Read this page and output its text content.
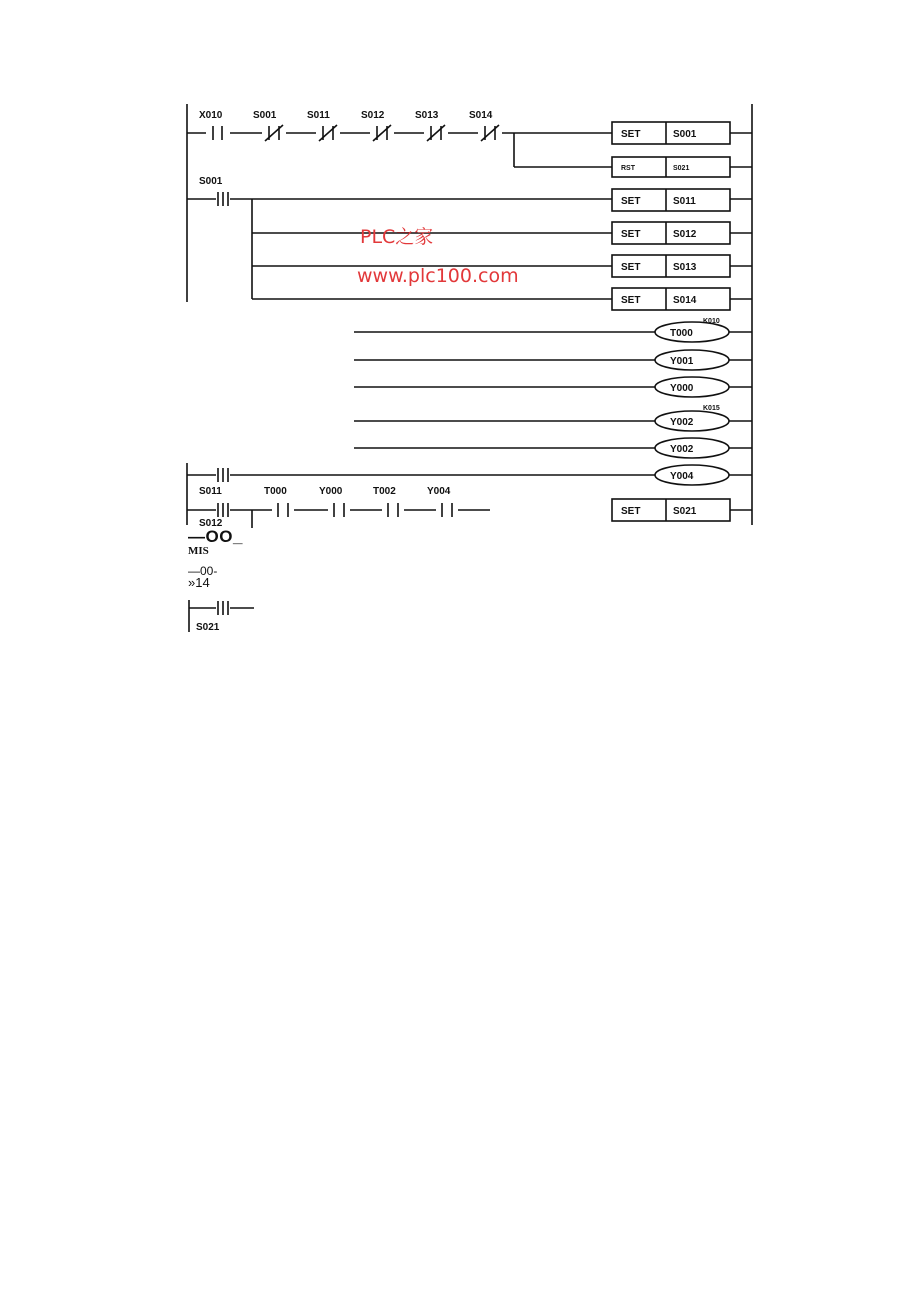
X010	S001	S011	S012	S013	S014
S001
S011	T000	Y000	T002	Y004
S012
SET	S001
RST	S021
SET	S011
SET	S012
SET	S013
SET	S014
SET	S021
T000
K010
Y001
Y000
Y002
K015
Y002
Y004
S021
PLC之家
www.plc100.com
—OO_
MIS
—00-
»14
